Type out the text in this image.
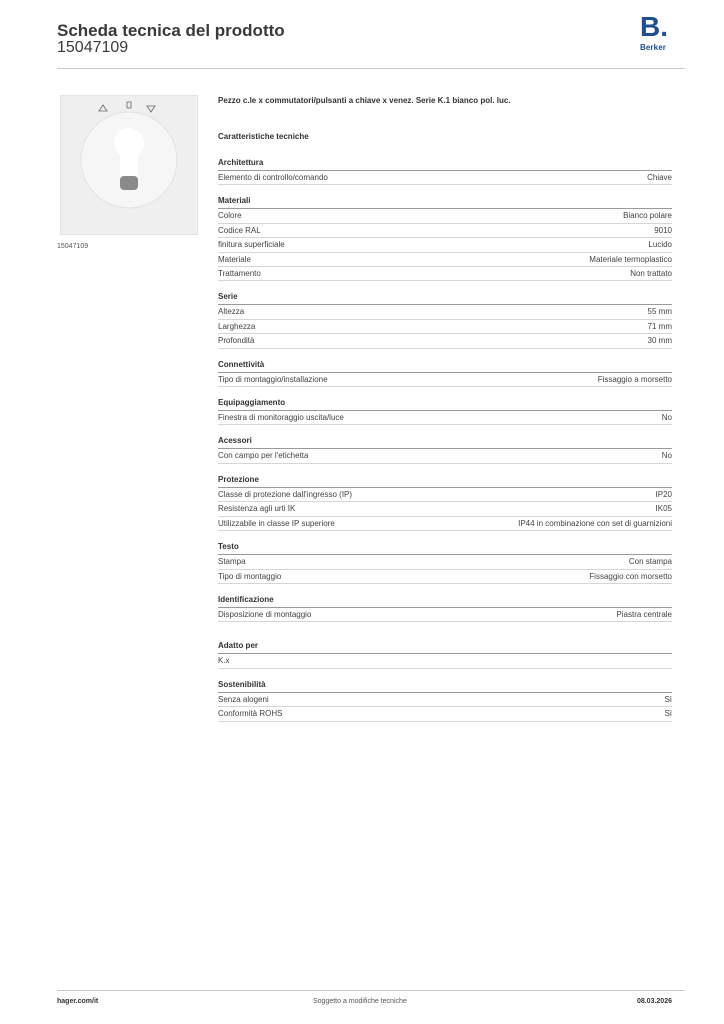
Scheda tecnica del prodotto
15047109
B.
Berker
15047109
Pezzo c.le x commutatori/pulsanti a chiave x venez. Serie K.1 bianco pol. luc.
Caratteristiche tecniche
Architettura
Elemento di controllo/comando	Chiave
Materiali
Colore	Bianco polare
Codice RAL	9010
finitura superficiale	Lucido
Materiale	Materiale termoplastico
Trattamento	Non trattato
Serie
Altezza	55 mm
Larghezza	71 mm
Profondità	30 mm
Connettività
Tipo di montaggio/installazione	Fissaggio a morsetto
Equipaggiamento
Finestra di monitoraggio uscita/luce	No
Acessori
Con campo per l'etichetta	No
Protezione
Classe di protezione dall'ingresso (IP)	IP20
Resistenza agli urti IK	IK05
Utilizzabile in classe IP superiore	IP44 in combinazione con set di guarnizioni
Testo
Stampa	Con stampa
Tipo di montaggio	Fissaggio con morsetto
Identificazione
Disposizione di montaggio	Piastra centrale
Adatto per
K.x
Sostenibilità
Senza alogeni	Sì
Conformità ROHS	Sì
hager.com/it	Soggetto a modifiche tecniche	08.03.2026
